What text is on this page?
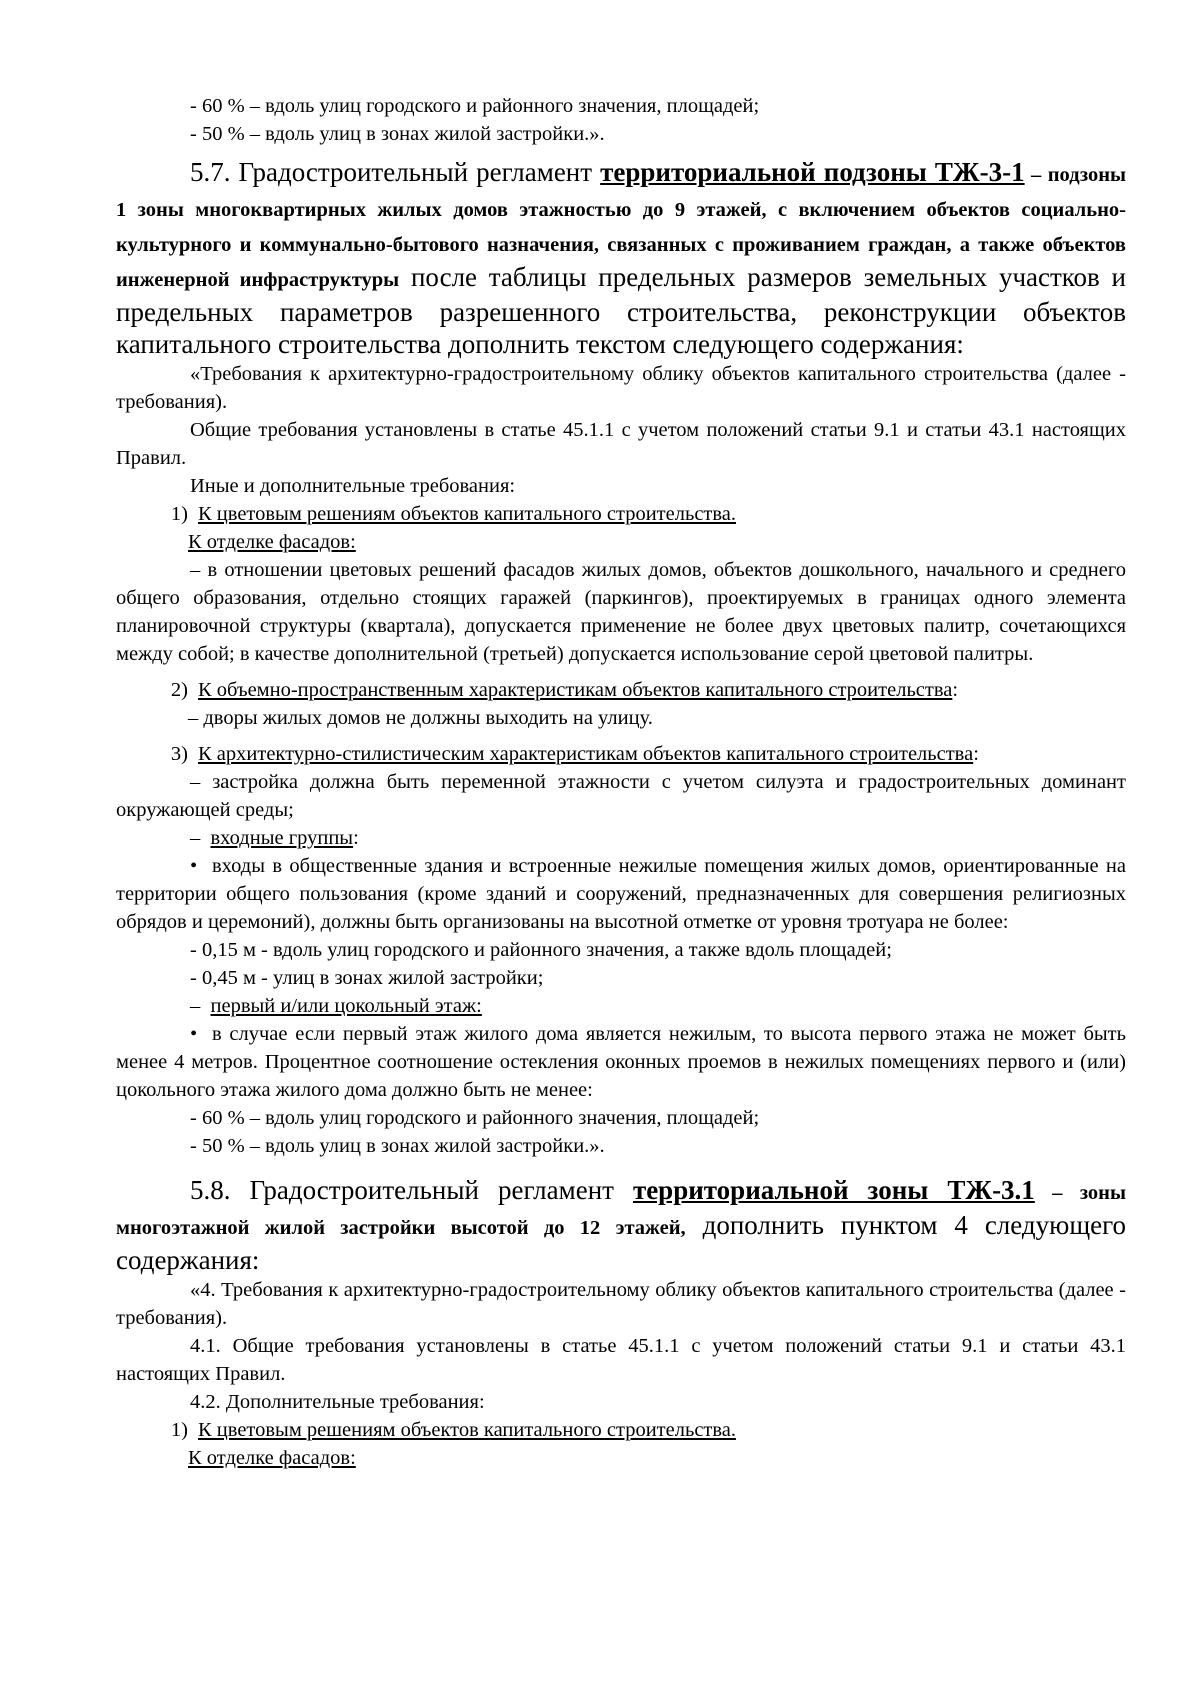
- 60 % – вдоль улиц городского и районного значения, площадей;

- 50 % – вдоль улиц в зонах жилой застройки.».

5.7. Градостроительный регламент территориальной подзоны ТЖ-3-1 – подзоны 1 зоны многоквартирных жилых домов этажностью до 9 этажей, с включением объектов социально-культурного и коммунально-бытового назначения, связанных с проживанием граждан, а также объектов инженерной инфраструктуры после таблицы предельных размеров земельных участков и предельных параметров разрешенного строительства, реконструкции объектов капитального строительства дополнить текстом следующего содержания:

«Требования к архитектурно-градостроительному облику объектов капитального строительства (далее - требования).

Общие требования установлены в статье 45.1.1 с учетом положений статьи 9.1 и статьи 43.1 настоящих Правил.

Иные и дополнительные требования:

1) К цветовым решениям объектов капитального строительства.

К отделке фасадов:

– в отношении цветовых решений фасадов жилых домов, объектов дошкольного, начального и среднего общего образования, отдельно стоящих гаражей (паркингов), проектируемых в границах одного элемента планировочной структуры (квартала), допускается применение не более двух цветовых палитр, сочетающихся между собой; в качестве дополнительной (третьей) допускается использование серой цветовой палитры.

2) К объемно-пространственным характеристикам объектов капитального строительства:

– дворы жилых домов не должны выходить на улицу.

3) К архитектурно-стилистическим характеристикам объектов капитального строительства:

– застройка должна быть переменной этажности с учетом силуэта и градостроительных доминант окружающей среды;

–  входные группы:

• входы в общественные здания и встроенные нежилые помещения жилых домов, ориентированные на территории общего пользования (кроме зданий и сооружений, предназначенных для совершения религиозных обрядов и церемоний), должны быть организованы на высотной отметке от уровня тротуара не более:

- 0,15 м - вдоль улиц городского и районного значения, а также вдоль площадей;

- 0,45 м - улиц в зонах жилой застройки;

–  первый и/или цокольный этаж:

• в случае если первый этаж жилого дома является нежилым, то высота первого этажа не может быть менее 4 метров. Процентное соотношение остекления оконных проемов в нежилых помещениях первого и (или) цокольного этажа жилого дома должно быть не менее:

- 60 % – вдоль улиц городского и районного значения, площадей;

- 50 % – вдоль улиц в зонах жилой застройки.».

5.8. Градостроительный регламент территориальной зоны ТЖ-3.1 – зоны многоэтажной жилой застройки высотой до 12 этажей, дополнить пунктом 4 следующего содержания:

«4. Требования к архитектурно-градостроительному облику объектов капитального строительства (далее - требования).

4.1. Общие требования установлены в статье 45.1.1 с учетом положений статьи 9.1 и статьи 43.1 настоящих Правил.

4.2. Дополнительные требования:

1) К цветовым решениям объектов капитального строительства.

К отделке фасадов:
